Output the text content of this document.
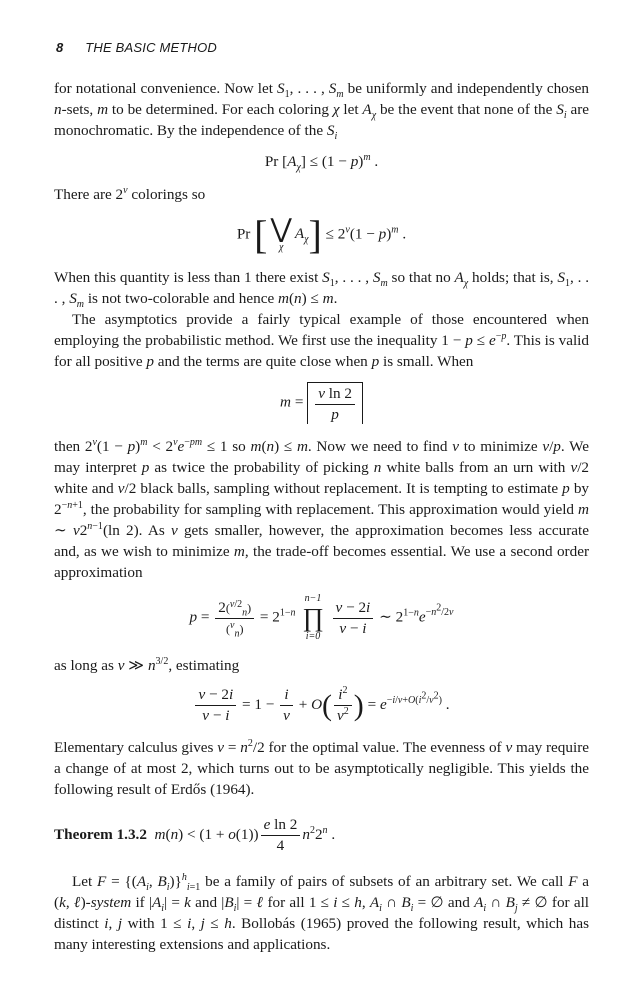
8 THE BASIC METHOD

for notational convenience. Now let $S_1$, . . . , $S_m$ be uniformly and independently chosen n-sets, m to be determined. For each coloring χ let $A_\chi$ be the event that none of the $S_i$ are monochromatic. By the independence of the $S_i$

Pr $[A_\chi] \le (1 - p)^m$ .

There are 2$^v$ colorings so

Pr [ ⋁
χ
$A_\chi] \le 2^v(1 - p)^m$ .

When this quantity is less than 1 there exist $S_1$, . . . , $S_m$ so that no $A_\chi$ holds; that is, $S_1$, . . . , $S_m$ is not two-colorable and hence m(n) ≤ m.

The asymptotics provide a fairly typical example of those encountered when employing the probabilistic method. We first use the inequality $1 - p \le e^{-p}$. This is valid for all positive p and the terms are quite close when p is small. When

$m = \frac{\text{v ln 2}}{p}$

then $2^v(1 - p)^m < 2^ve^{-pm} \le 1$ so m(n) ≤ m. Now we need to find v to minimize v/p. We may interpret p as twice the probability of picking n white balls from an urn with v/2 white and v/2 black balls, sampling without replacement. It is tempting to estimate p by $2^{-n+1}$, the probability for sampling with replacement. This approximation would yield m ∼ $v2^{n-1}(\ln$ 2). As v gets smaller, however, the approximation becomes less accurate and, as we wish to minimize m, the trade-off becomes essential. We use a second order approximation

$p = \frac{2(^{v/2}_n)}{(^v_n)} = 2^{1-n}$
n−1
∏
i=0
$\frac{v - 2i}{v - i}$ ∼ $2^{1-n}e^{-n^2/2v}$

as long as v ≫ $n^{3/2}$, estimating

$\frac{v - 2i}{v - i} = 1 - \frac{i}{v} + O( \frac{i^2}{v^2}$ ) = $e^{-i/v+O(i^2/v^2)}$ .

Elementary calculus gives $v = n^2/2$ for the optimal value. The evenness of v may require a change of at most 2, which turns out to be asymptotically negligible. This yields the following result of Erdős (1964).

Theorem 1.3.2 $m(n) < (1 + o(1)) \frac{\text{e ln 2}}{4} n^22^n$ .

Let $F = \{(A_i$, $B_i)\}^h_{i=1}$ be a family of pairs of subsets of an arbitrary set. We call F a (k, ℓ)-system if $|A_i| = k$ and $|B_i|$ = ℓ for all 1 ≤ i ≤ h, $A_i$ ∩ $B_i$ = ∅ and $A_i$ ∩ $B_j$ ≠ ∅ for all distinct i, j with 1 ≤ i, j ≤ h. Bollobás (1965) proved the following result, which has many interesting extensions and applications.
